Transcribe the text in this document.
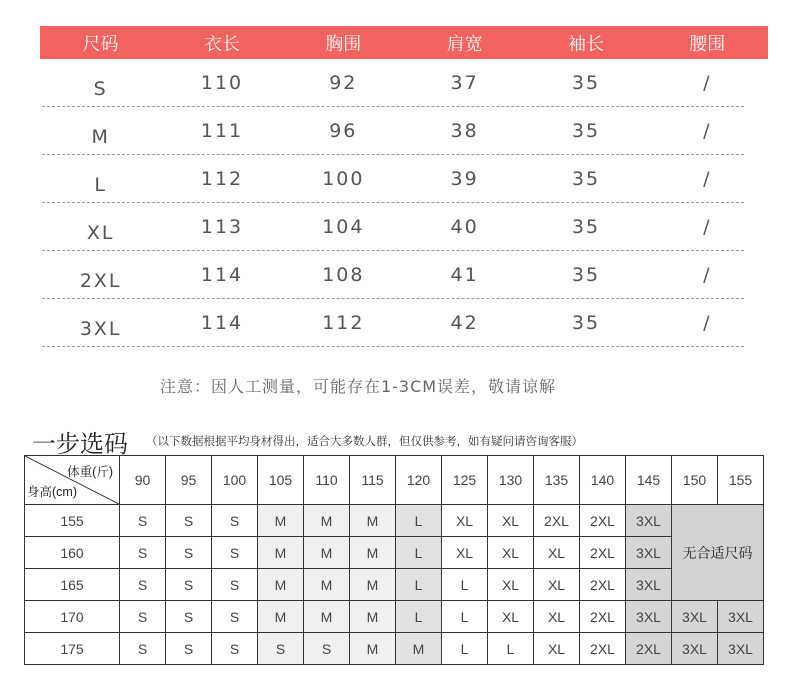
尺码	衣长	胸围	肩宽	袖长	腰围
S	110	92	37	35	/
M	111	96	38	35	/
L	112	100	39	35	/
XL	113	104	40	35	/
2XL	114	108	41	35	/
3XL	114	112	42	35	/
注意：因人工测量，可能存在1-3CM误差，敬请谅解
一步选码 （以下数据根据平均身材得出，适合大多数人群，但仅供参考，如有疑问请咨询客服）
体重(斤)
身高(cm)	90	95	100	105	110	115	120	125	130	135	140	145	150	155
155	S	S	S	M	M	M	L	XL	XL	2XL	2XL	3XL	无合适尺码	
160	S	S	S	M	M	M	L	XL	XL	XL	2XL	3XL		
165	S	S	S	M	M	M	L	L	XL	XL	2XL	3XL		
170	S	S	S	M	M	M	L	L	XL	XL	2XL	3XL	3XL	3XL
175	S	S	S	S	S	M	M	L	L	XL	2XL	2XL	3XL	3XL
